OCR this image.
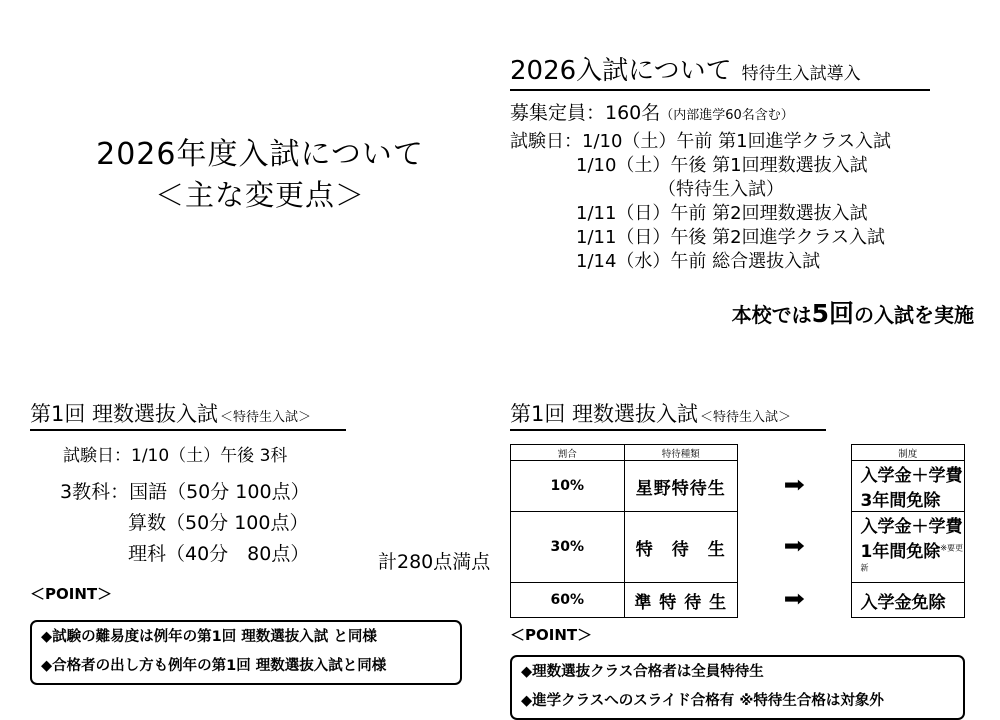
2026年度入試について
＜主な変更点＞
2026入試について 特待生入試導入
募集定員：160名（内部進学60名含む）
試験日：1/10（土）午前 第1回進学クラス入試
1/10（土）午後 第1回理数選抜入試
（特待生入試）
1/11（日）午前 第2回理数選抜入試
1/11（日）午後 第2回進学クラス入試
1/14（水）午前 総合選抜入試
本校では5回の入試を実施
第1回 理数選抜入試 ＜特待生入試＞
試験日：1/10（土）午後 3科
3教科：国語（50分 100点）
算数（50分 100点）
理科（40分　80点）	計280点満点
＜POINT＞
◆試験の難易度は例年の第1回 理数選抜入試 と同様
◆合格者の出し方も例年の第1回 理数選抜入試と同様
第1回 理数選抜入試 ＜特待生入試＞
割合	特待種類		制度
10%	星野特待生	➡	入学金＋学費3年間免除
30%	特　待　生	➡	入学金＋学費1年間免除$^{※要更新}$
60%	準 特 待 生	➡	入学金免除
＜POINT＞
◆理数選抜クラス合格者は全員特待生
◆進学クラスへのスライド合格有 ※特待生合格は対象外
